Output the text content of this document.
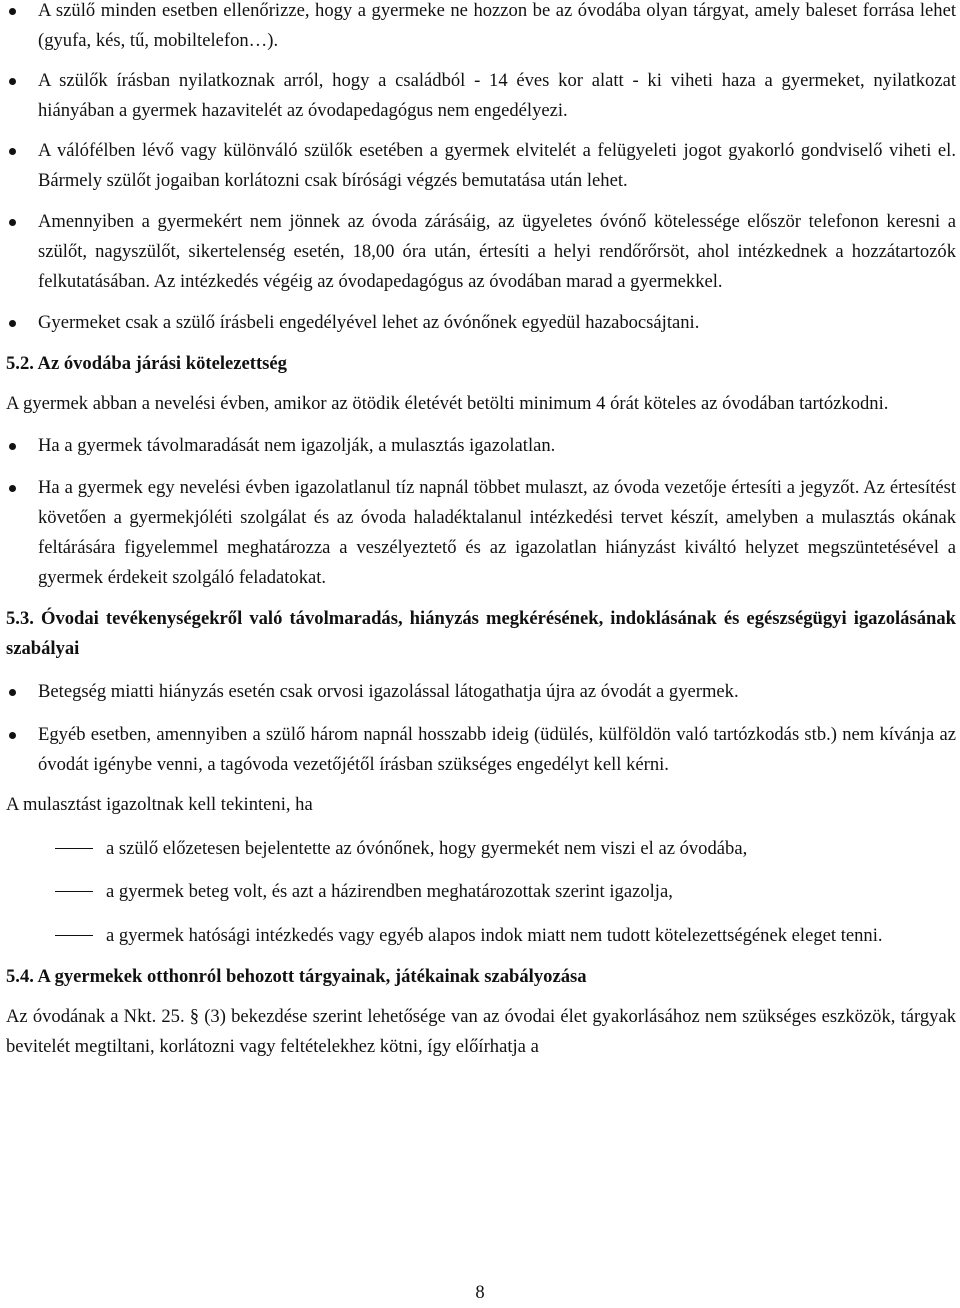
A szülő minden esetben ellenőrizze, hogy a gyermeke ne hozzon be az óvodába olyan tárgyat, amely baleset forrása lehet (gyufa, kés, tű, mobiltelefon…).
A szülők írásban nyilatkoznak arról, hogy a családból - 14 éves kor alatt - ki viheti haza a gyermeket, nyilatkozat hiányában a gyermek hazavitelét az óvodapedagógus nem engedélyezi.
A válófélben lévő vagy különváló szülők esetében a gyermek elvitelét a felügyeleti jogot gyakorló gondviselő viheti el. Bármely szülőt jogaiban korlátozni csak bírósági végzés bemutatása után lehet.
Amennyiben a gyermekért nem jönnek az óvoda zárásáig, az ügyeletes óvónő kötelessége először telefonon keresni a szülőt, nagyszülőt, sikertelenség esetén, 18,00 óra után, értesíti a helyi rendőrőrsöt, ahol intézkednek a hozzátartozók felkutatásában. Az intézkedés végéig az óvodapedagógus az óvodában marad a gyermekkel.
Gyermeket csak a szülő írásbeli engedélyével lehet az óvónőnek egyedül hazabocsájtani.

5.2. Az óvodába járási kötelezettség

A gyermek abban a nevelési évben, amikor az ötödik életévét betölti minimum 4 órát köteles az óvodában tartózkodni.

Ha a gyermek távolmaradását nem igazolják, a mulasztás igazolatlan.
Ha a gyermek egy nevelési évben igazolatlanul tíz napnál többet mulaszt, az óvoda vezetője értesíti a jegyzőt. Az értesítést követően a gyermekjóléti szolgálat és az óvoda haladéktalanul intézkedési tervet készít, amelyben a mulasztás okának feltárására figyelemmel meghatározza a veszélyeztető és az igazolatlan hiányzást kiváltó helyzet megszüntetésével a gyermek érdekeit szolgáló feladatokat.

5.3. Óvodai tevékenységekről való távolmaradás, hiányzás megkérésének, indoklásának és egészségügyi igazolásának szabályai

Betegség miatti hiányzás esetén csak orvosi igazolással látogathatja újra az óvodát a gyermek.
Egyéb esetben, amennyiben a szülő három napnál hosszabb ideig (üdülés, külföldön való tartózkodás stb.) nem kívánja az óvodát igénybe venni, a tagóvoda vezetőjétől írásban szükséges engedélyt kell kérni.

A mulasztást igazoltnak kell tekinteni, ha

a szülő előzetesen bejelentette az óvónőnek, hogy gyermekét nem viszi el az óvodába,
a gyermek beteg volt, és azt a házirendben meghatározottak szerint igazolja,
a gyermek hatósági intézkedés vagy egyéb alapos indok miatt nem tudott kötelezettségének eleget tenni.

5.4. A gyermekek otthonról behozott tárgyainak, játékainak szabályozása

Az óvodának a Nkt. 25. § (3) bekezdése szerint lehetősége van az óvodai élet gyakorlásához nem szükséges eszközök, tárgyak bevitelét megtiltani, korlátozni vagy feltételekhez kötni, így előírhatja a

8
